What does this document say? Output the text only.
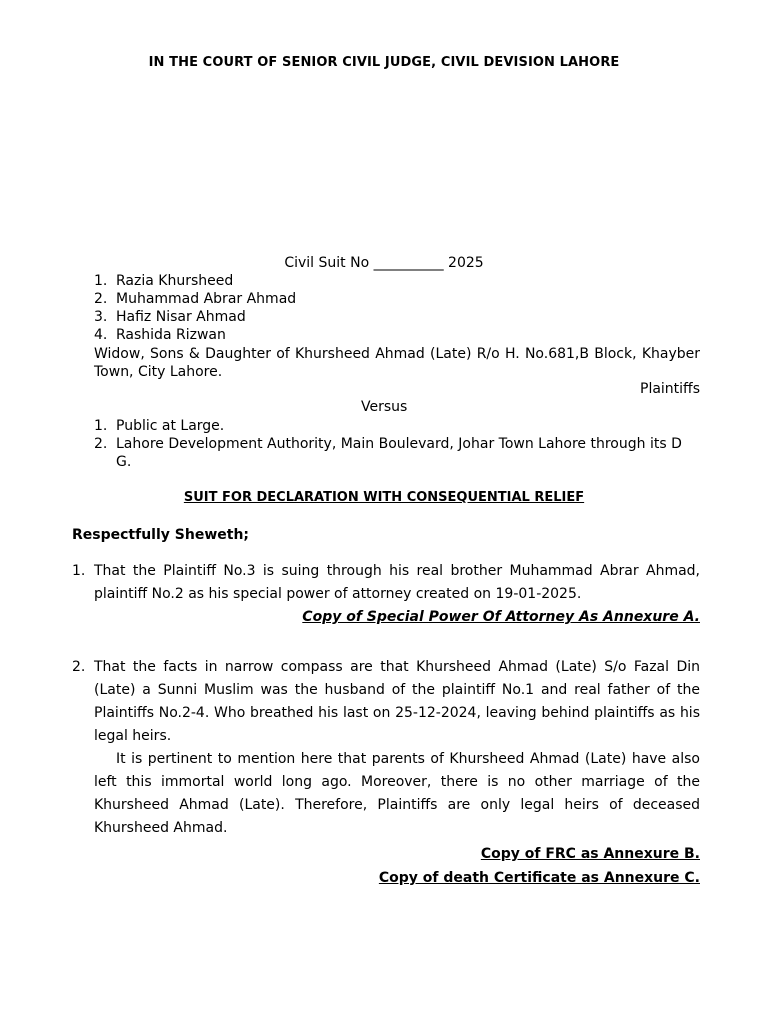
IN THE COURT OF SENIOR CIVIL JUDGE, CIVIL DEVISION LAHORE
Civil Suit No __________ 2025
1. Razia Khursheed
2. Muhammad Abrar Ahmad
3. Hafiz Nisar Ahmad
4. Rashida Rizwan
Widow, Sons & Daughter of Khursheed Ahmad (Late) R/o H. No.681,B Block, Khayber Town, City Lahore.
Plaintiffs
Versus
1. Public at Large.
2. Lahore Development Authority, Main Boulevard, Johar Town Lahore through its D G.
SUIT FOR DECLARATION WITH CONSEQUENTIAL RELIEF
Respectfully Sheweth;
1. That the Plaintiff No.3 is suing through his real brother Muhammad Abrar Ahmad, plaintiff No.2 as his special power of attorney created on 19-01-2025.
Copy of Special Power Of Attorney As Annexure A.
2. That the facts in narrow compass are that Khursheed Ahmad (Late) S/o Fazal Din (Late) a Sunni Muslim was the husband of the plaintiff No.1 and real father of the Plaintiffs No.2-4. Who breathed his last on 25-12-2024, leaving behind plaintiffs as his legal heirs.
It is pertinent to mention here that parents of Khursheed Ahmad (Late) have also left this immortal world long ago. Moreover, there is no other marriage of the Khursheed Ahmad (Late). Therefore, Plaintiffs are only legal heirs of deceased Khursheed Ahmad.
Copy of FRC as Annexure B.
Copy of death Certificate as Annexure C.
